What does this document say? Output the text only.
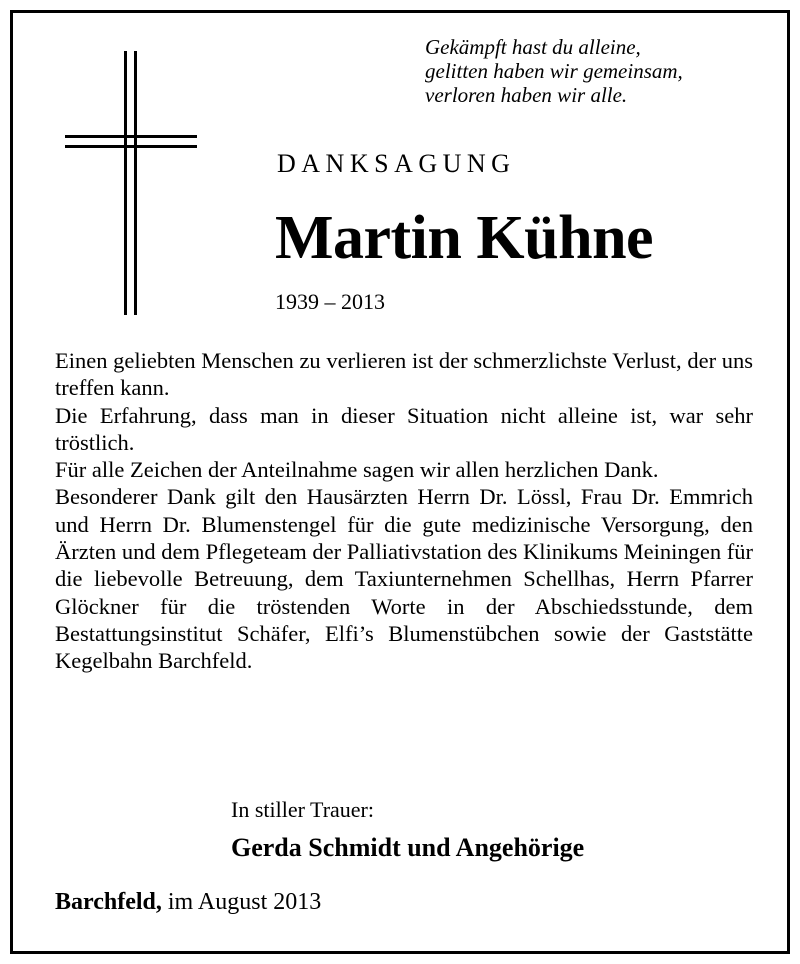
Gekämpft hast du alleine,
gelitten haben wir gemeinsam,
verloren haben wir alle.
DANKSAGUNG
Martin Kühne
1939 – 2013

Einen geliebten Menschen zu verlieren ist der schmerzlichste Verlust, der uns treffen kann.

Die Erfahrung, dass man in dieser Situation nicht alleine ist, war sehr tröstlich.

Für alle Zeichen der Anteilnahme sagen wir allen herzlichen Dank.

Besonderer Dank gilt den Hausärzten Herrn Dr. Lössl, Frau Dr. Emmrich und Herrn Dr. Blumenstengel für die gute medizinische Versorgung, den Ärzten und dem Pflegeteam der Palliativstation des Klinikums Meiningen für die liebevolle Betreuung, dem Taxiunternehmen Schellhas, Herrn Pfarrer Glöckner für die tröstenden Worte in der Abschiedsstunde, dem Bestattungsinstitut Schäfer, Elfi’s Blumenstübchen sowie der Gaststätte Kegelbahn Barchfeld.

In stiller Trauer:
Gerda Schmidt und Angehörige
Barchfeld, im August 2013
